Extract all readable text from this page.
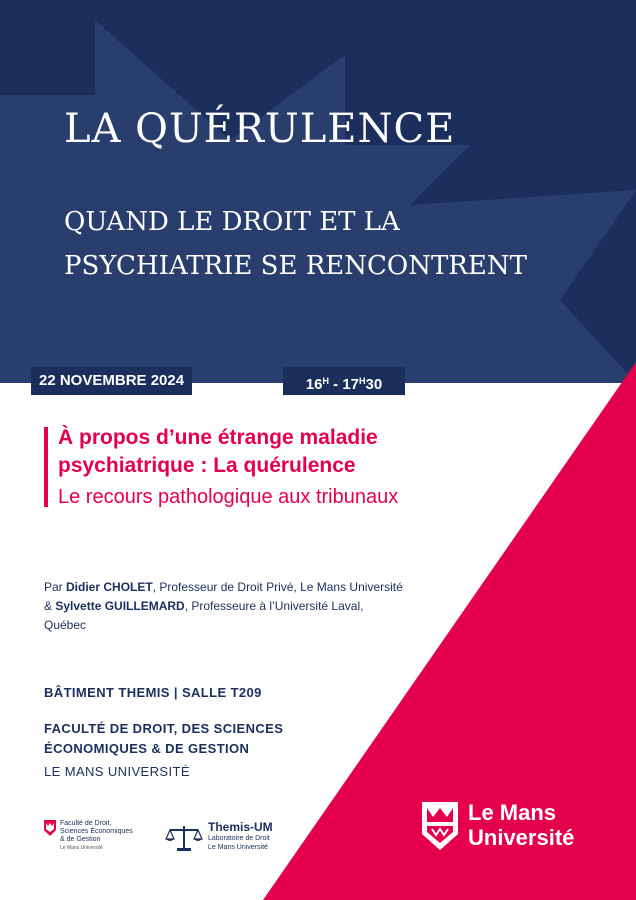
LA QUÉRULENCE
QUAND LE DROIT ET LA
PSYCHIATRIE SE RENCONTRENT
22 NOVEMBRE 2024	$16^H - 17^H30$
À propos d’une étrange maladie
psychiatrique : La quérulence
Le recours pathologique aux tribunaux
Par Didier CHOLET, Professeur de Droit Privé, Le Mans Université
& Sylvette GUILLEMARD, Professeure à l’Université Laval,
Québec
BÂTIMENT THEMIS | SALLE T209
FACULTÉ DE DROIT, DES SCIENCES
ÉCONOMIQUES & DE GESTION
LE MANS UNIVERSITÉ
Faculté de Droit,
Sciences Économiques
& de Gestion
Le Mans Université
Themis-UM
Laboratoire de Droit
Le Mans Université
Le Mans
Université
